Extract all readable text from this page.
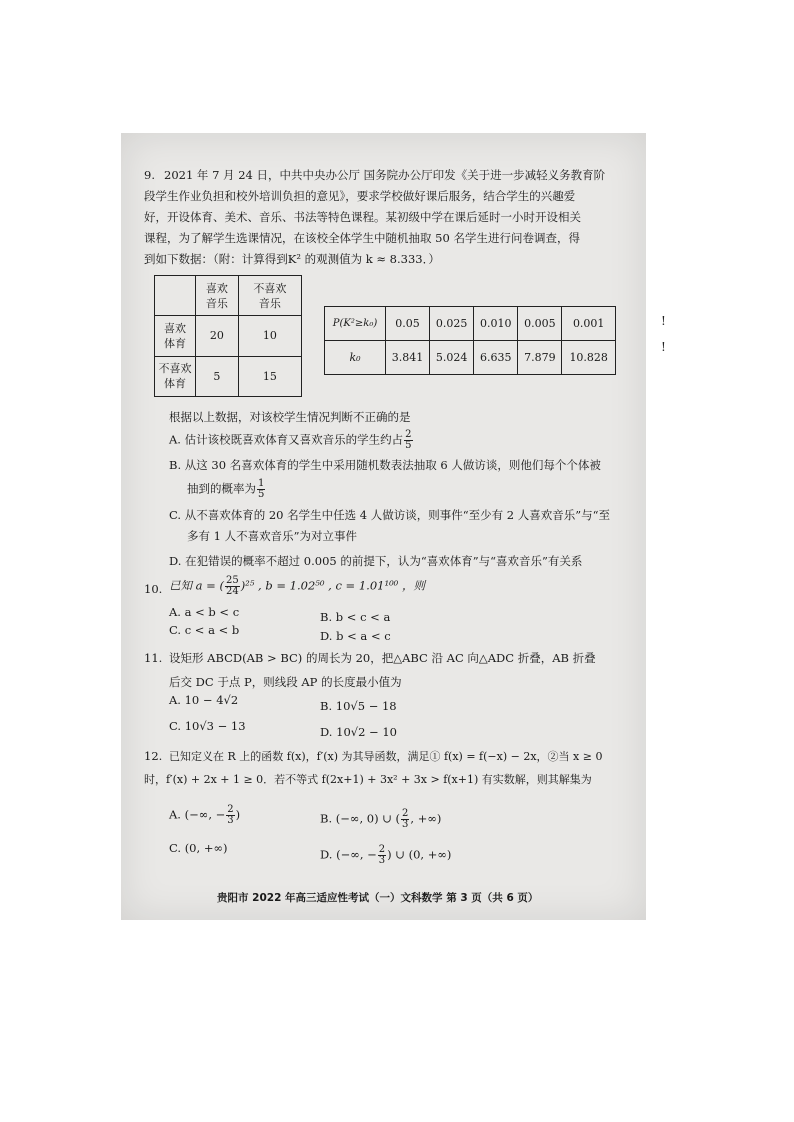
9. 2021 年 7 月 24 日，中共中央办公厅 国务院办公厅印发《关于进一步减轻义务教育阶
段学生作业负担和校外培训负担的意见》，要求学校做好课后服务，结合学生的兴趣爱
好，开设体育、美术、音乐、书法等特色课程。某初级中学在课后延时一小时开设相关
课程，为了解学生选课情况，在该校全体学生中随机抽取 50 名学生进行问卷调查，得
到如下数据：（附：计算得到K² 的观测值为 k ≈ 8.333．）
	喜欢
音乐	不喜欢
音乐
喜欢
体育	20	10
不喜欢
体育	5	15
P(K²≥k₀)	0.05	0.025	0.010	0.005	0.001
k₀	3.841	5.024	6.635	7.879	10.828
根据以上数据，对该校学生情况判断不正确的是
A. 估计该校既喜欢体育又喜欢音乐的学生约占 $\frac{2}{5}$
B. 从这 30 名喜欢体育的学生中采用随机数表法抽取 6 人做访谈，则他们每个个体被
抽到的概率为 $\frac{1}{5}$
C. 从不喜欢体育的 20 名学生中任选 4 人做访谈，则事件“至少有 2 人喜欢音乐”与“至
多有 1 人不喜欢音乐”为对立事件
D. 在犯错误的概率不超过 0.005 的前提下，认为“喜欢体育”与“喜欢音乐”有关系
10. 已知 a = ( $\frac{25}{24} )^{25}$ , b = 1.02⁵⁰ , c = 1.01¹⁰⁰ ，则
A. a < b < c	B. b < c < a
C. c < a < b	D. b < a < c
11. 设矩形 ABCD(AB > BC) 的周长为 20，把△ABC 沿 AC 向△ADC 折叠，AB 折叠
后交 DC 于点 P，则线段 AP 的长度最小值为
A. 10 − 4√2	B. 10√5 − 18
C. 10√3 − 13	D. 10√2 − 10
12. 已知定义在 R 上的函数 f(x)，f′(x) 为其导函数，满足① f(x) = f(−x) − 2x，②当 x ≥ 0
时，f′(x) + 2x + 1 ≥ 0．若不等式 f(2x+1) + 3x² + 3x > f(x+1) 有实数解，则其解集为
A. (−∞, − $\frac{2}{3}$ )	B. (−∞, 0) ∪ ( $\frac{2}{3}$ , +∞)
C. (0, +∞)	D. (−∞, − $\frac{2}{3}$ ) ∪ (0, +∞)
贵阳市 2022 年高三适应性考试（一）文科数学 第 3 页（共 6 页）
!
!
